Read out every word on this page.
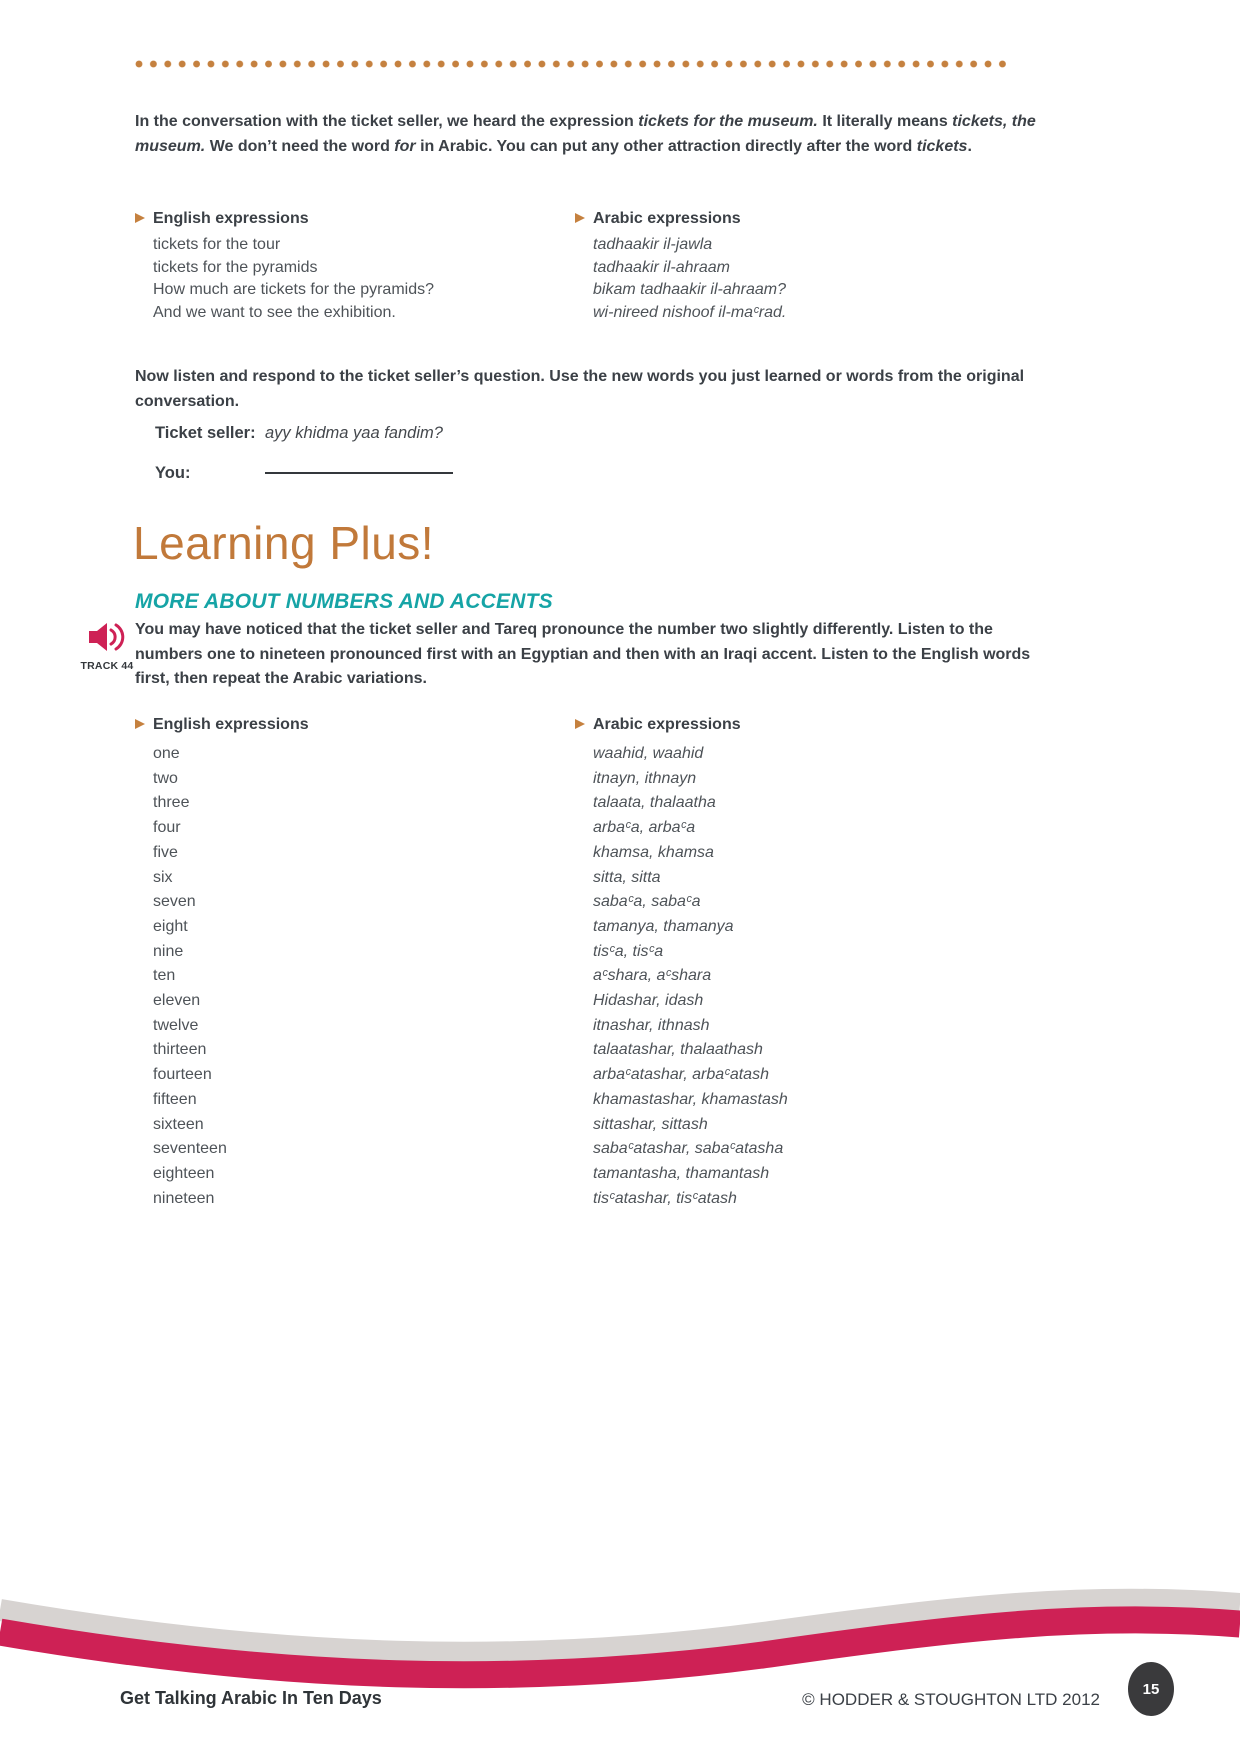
In the conversation with the ticket seller, we heard the expression tickets for the museum. It literally means tickets, the museum. We don’t need the word for in Arabic. You can put any other attraction directly after the word tickets.
English expressions	Arabic expressions
tickets for the tour	tadhaakir il-jawla
tickets for the pyramids	tadhaakir il-ahraam
How much are tickets for the pyramids?	bikam tadhaakir il-ahraam?
And we want to see the exhibition.	wi-nireed nishoof il-maᶜrad.
Now listen and respond to the ticket seller’s question. Use the new words you just learned or words from the original conversation.
Ticket seller: ayy khidma yaa fandim?
You:
Learning Plus!
MORE ABOUT NUMBERS AND ACCENTS
TRACK 44
You may have noticed that the ticket seller and Tareq pronounce the number two slightly differently. Listen to the numbers one to nineteen pronounced first with an Egyptian and then with an Iraqi accent. Listen to the English words first, then repeat the Arabic variations.
English expressions	Arabic expressions
one	waahid, waahid
two	itnayn, ithnayn
three	talaata, thalaatha
four	arbaᶜa, arbaᶜa
five	khamsa, khamsa
six	sitta, sitta
seven	sabaᶜa, sabaᶜa
eight	tamanya, thamanya
nine	tisᶜa, tisᶜa
ten	aᶜshara, aᶜshara
eleven	Hidashar, idash
twelve	itnashar, ithnash
thirteen	talaatashar, thalaathash
fourteen	arbaᶜatashar, arbaᶜatash
fifteen	khamastashar, khamastash
sixteen	sittashar, sittash
seventeen	sabaᶜatashar, sabaᶜatasha
eighteen	tamantasha, thamantash
nineteen	tisᶜatashar, tisᶜatash
Get Talking Arabic In Ten Days	© HODDER & STOUGHTON LTD 2012
15
